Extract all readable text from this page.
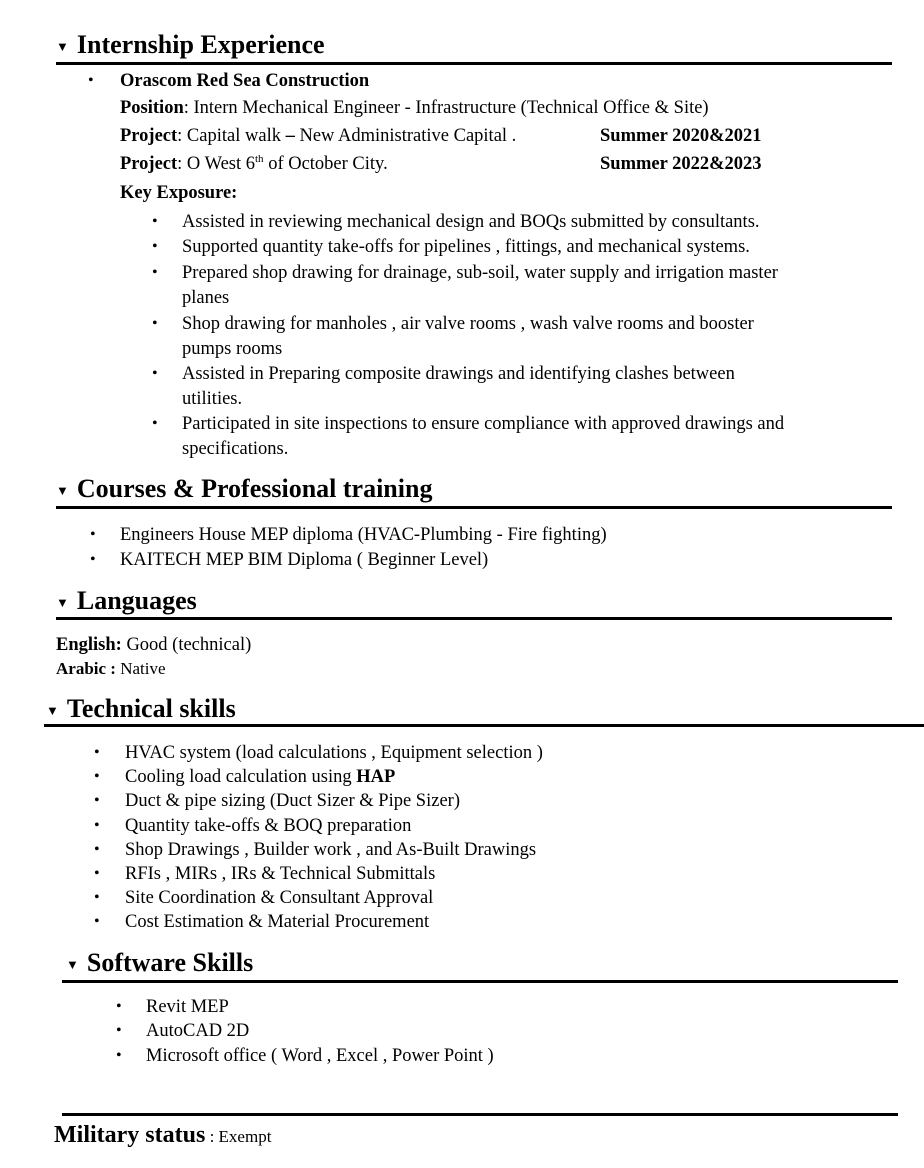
▼ Internship Experience
• Orascom Red Sea Construction
Position: Intern Mechanical Engineer - Infrastructure (Technical Office & Site)
Project: Capital walk – New Administrative Capital .	Summer 2020&2021
Project: O West 6th of October City.	Summer 2022&2023
Key Exposure:
• Assisted in reviewing mechanical design and BOQs submitted by consultants.
• Supported quantity take-offs for pipelines , fittings, and mechanical systems.
• Prepared shop drawing for drainage, sub-soil, water supply and irrigation master
planes
• Shop drawing for manholes , air valve rooms , wash valve rooms and booster
pumps rooms
• Assisted in Preparing composite drawings and identifying clashes between
utilities.
• Participated in site inspections to ensure compliance with approved drawings and
specifications.
▼ Courses & Professional training
• Engineers House MEP diploma (HVAC-Plumbing - Fire fighting)
• KAITECH MEP BIM Diploma ( Beginner Level)
▼ Languages
English: Good (technical)
Arabic : Native
▼ Technical skills
• HVAC system (load calculations , Equipment selection )
• Cooling load calculation using HAP
• Duct & pipe sizing (Duct Sizer & Pipe Sizer)
• Quantity take-offs & BOQ preparation
• Shop Drawings , Builder work , and As-Built Drawings
• RFIs , MIRs , IRs & Technical Submittals
• Site Coordination & Consultant Approval
• Cost Estimation & Material Procurement
▼ Software Skills
• Revit MEP
• AutoCAD 2D
• Microsoft office ( Word , Excel , Power Point )
Military status : Exempt
